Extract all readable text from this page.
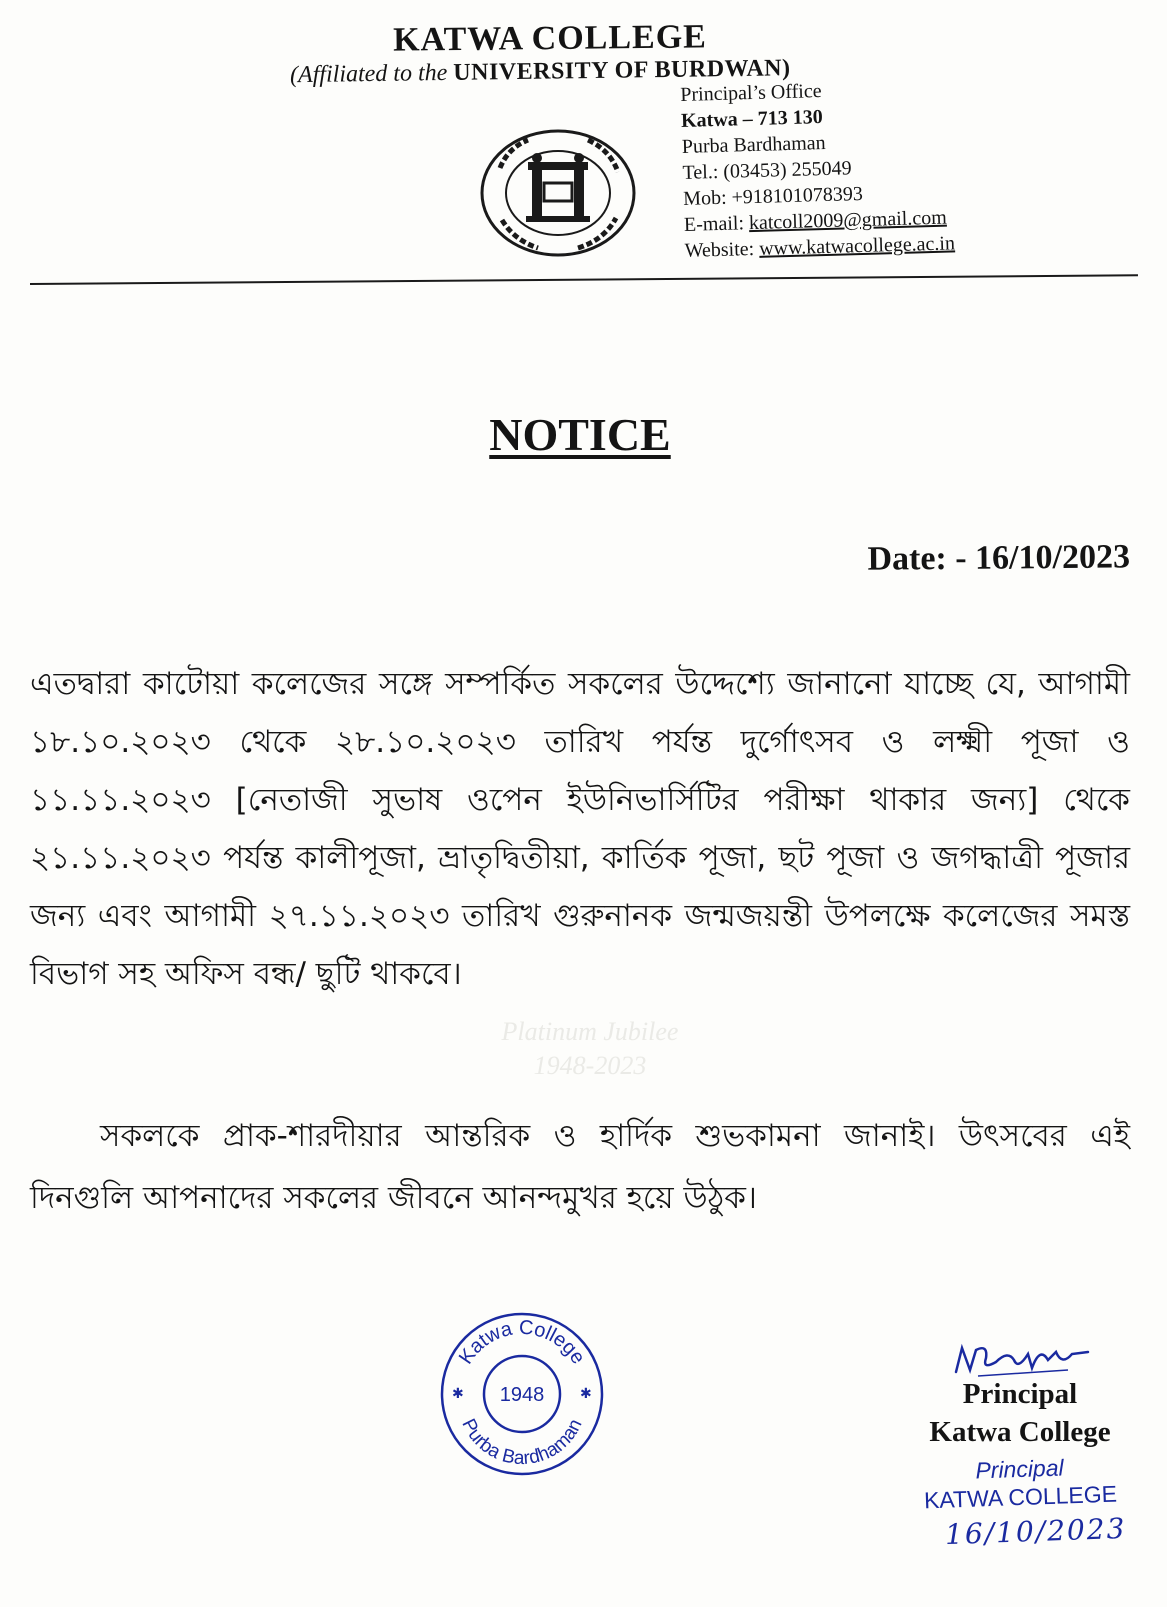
KATWA COLLEGE
(Affiliated to the UNIVERSITY OF BURDWAN)
Principal’s Office
Katwa – 713 130
Purba Bardhaman
Tel.: (03453) 255049
Mob: +918101078393
E-mail: katcoll2009@gmail.com
Website: www.katwacollege.ac.in
NOTICE
Date: - 16/10/2023
Platinum Jubilee
1948-2023
এতদ্বারা কাটোয়া কলেজের সঙ্গে সম্পর্কিত সকলের উদ্দেশ্যে জানানো যাচ্ছে যে, আগামী ১৮.১০.২০২৩ থেকে ২৮.১০.২০২৩ তারিখ পর্যন্ত দুর্গোৎসব ও লক্ষ্মী পূজা ও ১১.১১.২০২৩ [নেতাজী সুভাষ ওপেন ইউনিভার্সিটির পরীক্ষা থাকার জন্য] থেকে ২১.১১.২০২৩ পর্যন্ত কালীপূজা, ভ্রাতৃদ্বিতীয়া, কার্তিক পূজা, ছট পূজা ও জগদ্ধাত্রী পূজার জন্য এবং আগামী ২৭.১১.২০২৩ তারিখ গুরুনানক জন্মজয়ন্তী উপলক্ষে কলেজের সমস্ত বিভাগ সহ অফিস বন্ধ/ ছুটি থাকবে।
সকলকে প্রাক-শারদীয়ার আন্তরিক ও হার্দিক শুভকামনা জানাই। উৎসবের এই দিনগুলি আপনাদের সকলের জীবনে আনন্দমুখর হয়ে উঠুক।
Katwa College
Purba Bardhaman
1948
✱	✱	Principal
Katwa College
Principal
KATWA COLLEGE
16/10/2023
